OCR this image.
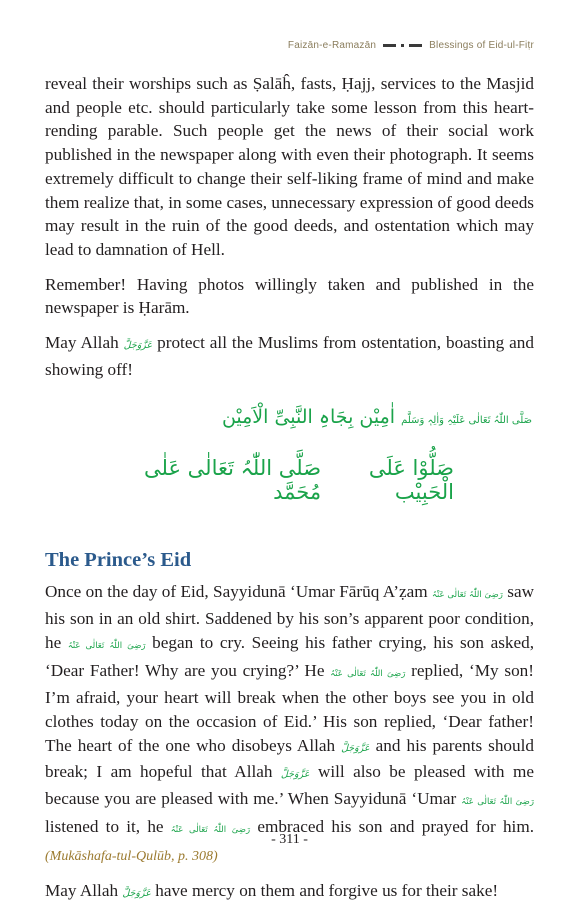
Faizān-e-Ramazān	Blessings of Eid-ul-Fiṭr

reveal their worships such as Ṣalāĥ, fasts, Ḥajj, services to the Masjid and people etc. should particularly take some lesson from this heart-rending parable. Such people get the news of their social work published in the newspaper along with even their photograph. It seems extremely difficult to change their self-liking frame of mind and make them realize that, in some cases, unnecessary expression of good deeds may result in the ruin of the good deeds, and ostentation which may lead to damnation of Hell.

Remember! Having photos willingly taken and published in the newspaper is Ḥarām.

May Allah عَزَّوَجَلَّ protect all the Muslims from ostentation, boasting and showing off!

صَلَّی اللّٰہُ تَعَالٰی عَلَیْہِ وَاٰلِہٖ وَسَلَّم اٰمِیْن بِجَاہِ النَّبِیِّ الْاَمِیْن
صَلُّوْا عَلَی الْحَبِیْب
صَلَّی اللّٰہُ تَعَالٰی عَلٰی مُحَمَّد
The Prince’s Eid

Once on the day of Eid, Sayyidunā ‘Umar Fārūq A’ẓam رَضِیَ اللّٰہُ تَعَالٰی عَنْہُ saw his son in an old shirt. Saddened by his son’s apparent poor condition, he رَضِیَ اللّٰہُ تَعَالٰی عَنْہُ began to cry. Seeing his father crying, his son asked, ‘Dear Father! Why are you crying?’ He رَضِیَ اللّٰہُ تَعَالٰی عَنْہُ replied, ‘My son! I’m afraid, your heart will break when the other boys see you in old clothes today on the occasion of Eid.’ His son replied, ‘Dear father! The heart of the one who disobeys Allah عَزَّوَجَلَّ and his parents should break; I am hopeful that Allah عَزَّوَجَلَّ will also be pleased with me because you are pleased with me.’ When Sayyidunā ‘Umar رَضِیَ اللّٰہُ تَعَالٰی عَنْہُ listened to it, he رَضِیَ اللّٰہُ تَعَالٰی عَنْہُ embraced his son and prayed for him. (Mukāshafa-tul-Qulūb, p. 308)

May Allah عَزَّوَجَلَّ have mercy on them and forgive us for their sake!

- 311 -
